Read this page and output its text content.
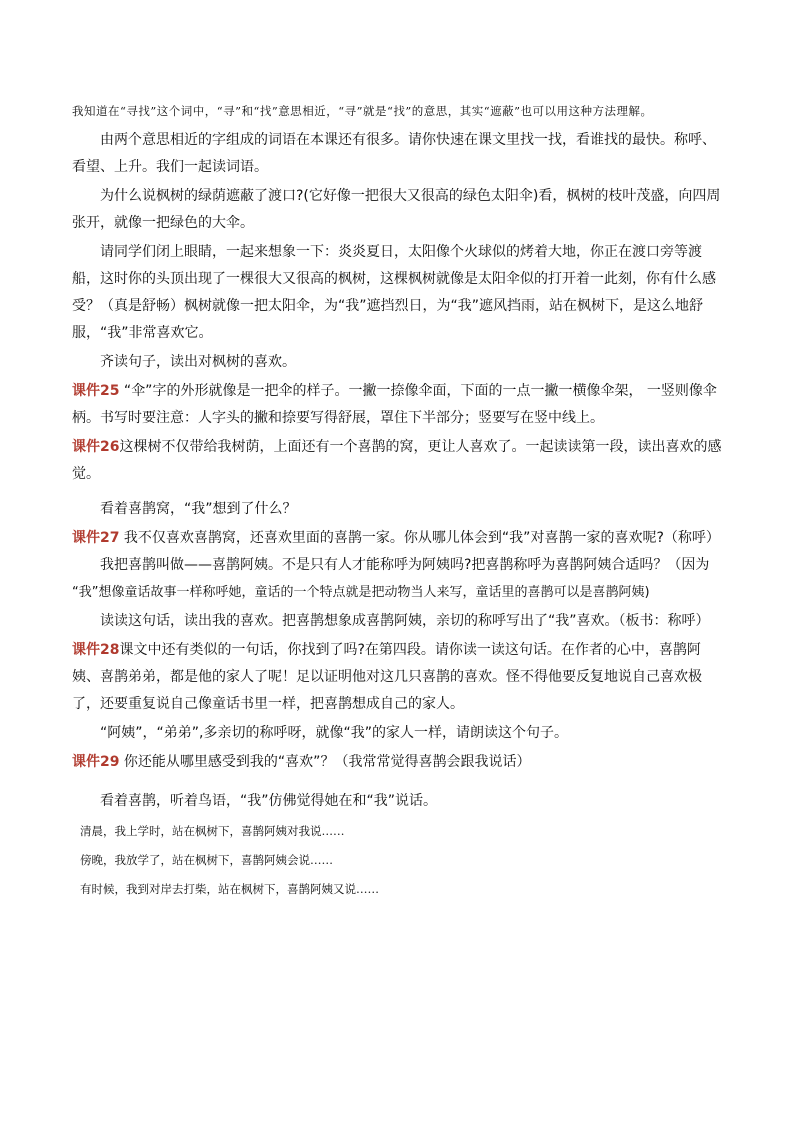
我知道在“寻找”这个词中，“寻”和“找”意思相近，“寻”就是“找”的意思，其实“遮蔽”也可以用这种方法理解。

由两个意思相近的字组成的词语在本课还有很多。请你快速在课文里找一找，看谁找的最快。称呼、看望、上升。我们一起读词语。

为什么说枫树的绿荫遮蔽了渡口?(它好像一把很大又很高的绿色太阳伞)看，枫树的枝叶茂盛，向四周张开，就像一把绿色的大伞。

请同学们闭上眼睛，一起来想象一下：炎炎夏日，太阳像个火球似的烤着大地，你正在渡口旁等渡船，这时你的头顶出现了一棵很大又很高的枫树，这棵枫树就像是太阳伞似的打开着一此刻，你有什么感受？（真是舒畅）枫树就像一把太阳伞，为“我”遮挡烈日，为“我”遮风挡雨，站在枫树下，是这么地舒服，“我”非常喜欢它。

齐读句子，读出对枫树的喜欢。

课件25 “伞”字的外形就像是一把伞的样子。一撇一捺像伞面，下面的一点一撇一横像伞架， 一竖则像伞柄。书写时要注意：人字头的撇和捺要写得舒展，罩住下半部分；竖要写在竖中线上。

课件26这棵树不仅带给我树荫，上面还有一个喜鹊的窝，更让人喜欢了。一起读读第一段，读出喜欢的感觉。

看着喜鹊窝，“我”想到了什么？

课件27 我不仅喜欢喜鹊窝，还喜欢里面的喜鹊一家。你从哪儿体会到“我”对喜鹊一家的喜欢呢?（称呼）

我把喜鹊叫做——喜鹊阿姨。不是只有人才能称呼为阿姨吗?把喜鹊称呼为喜鹊阿姨合适吗？（因为

“我”想像童话故事一样称呼她，童话的一个特点就是把动物当人来写，童话里的喜鹊可以是喜鹊阿姨)

读读这句话，读出我的喜欢。把喜鹊想象成喜鹊阿姨，亲切的称呼写出了“我”喜欢。（板书：称呼）

课件28课文中还有类似的一句话，你找到了吗?在第四段。请你读一读这句话。在作者的心中，喜鹊阿姨、喜鹊弟弟，都是他的家人了呢！足以证明他对这几只喜鹊的喜欢。怪不得他要反复地说自己喜欢极了，还要重复说自己像童话书里一样，把喜鹊想成自己的家人。

“阿姨”，“弟弟”,多亲切的称呼呀，就像“我”的家人一样，请朗读这个句子。

课件29 你还能从哪里感受到我的“喜欢”？（我常常觉得喜鹊会跟我说话）

看着喜鹊，听着鸟语，“我”仿佛觉得她在和“我”说话。

清晨，我上学时，站在枫树下，喜鹊阿姨对我说……

傍晚，我放学了，站在枫树下，喜鹊阿姨会说……

有时候，我到对岸去打柴，站在枫树下，喜鹊阿姨又说……
